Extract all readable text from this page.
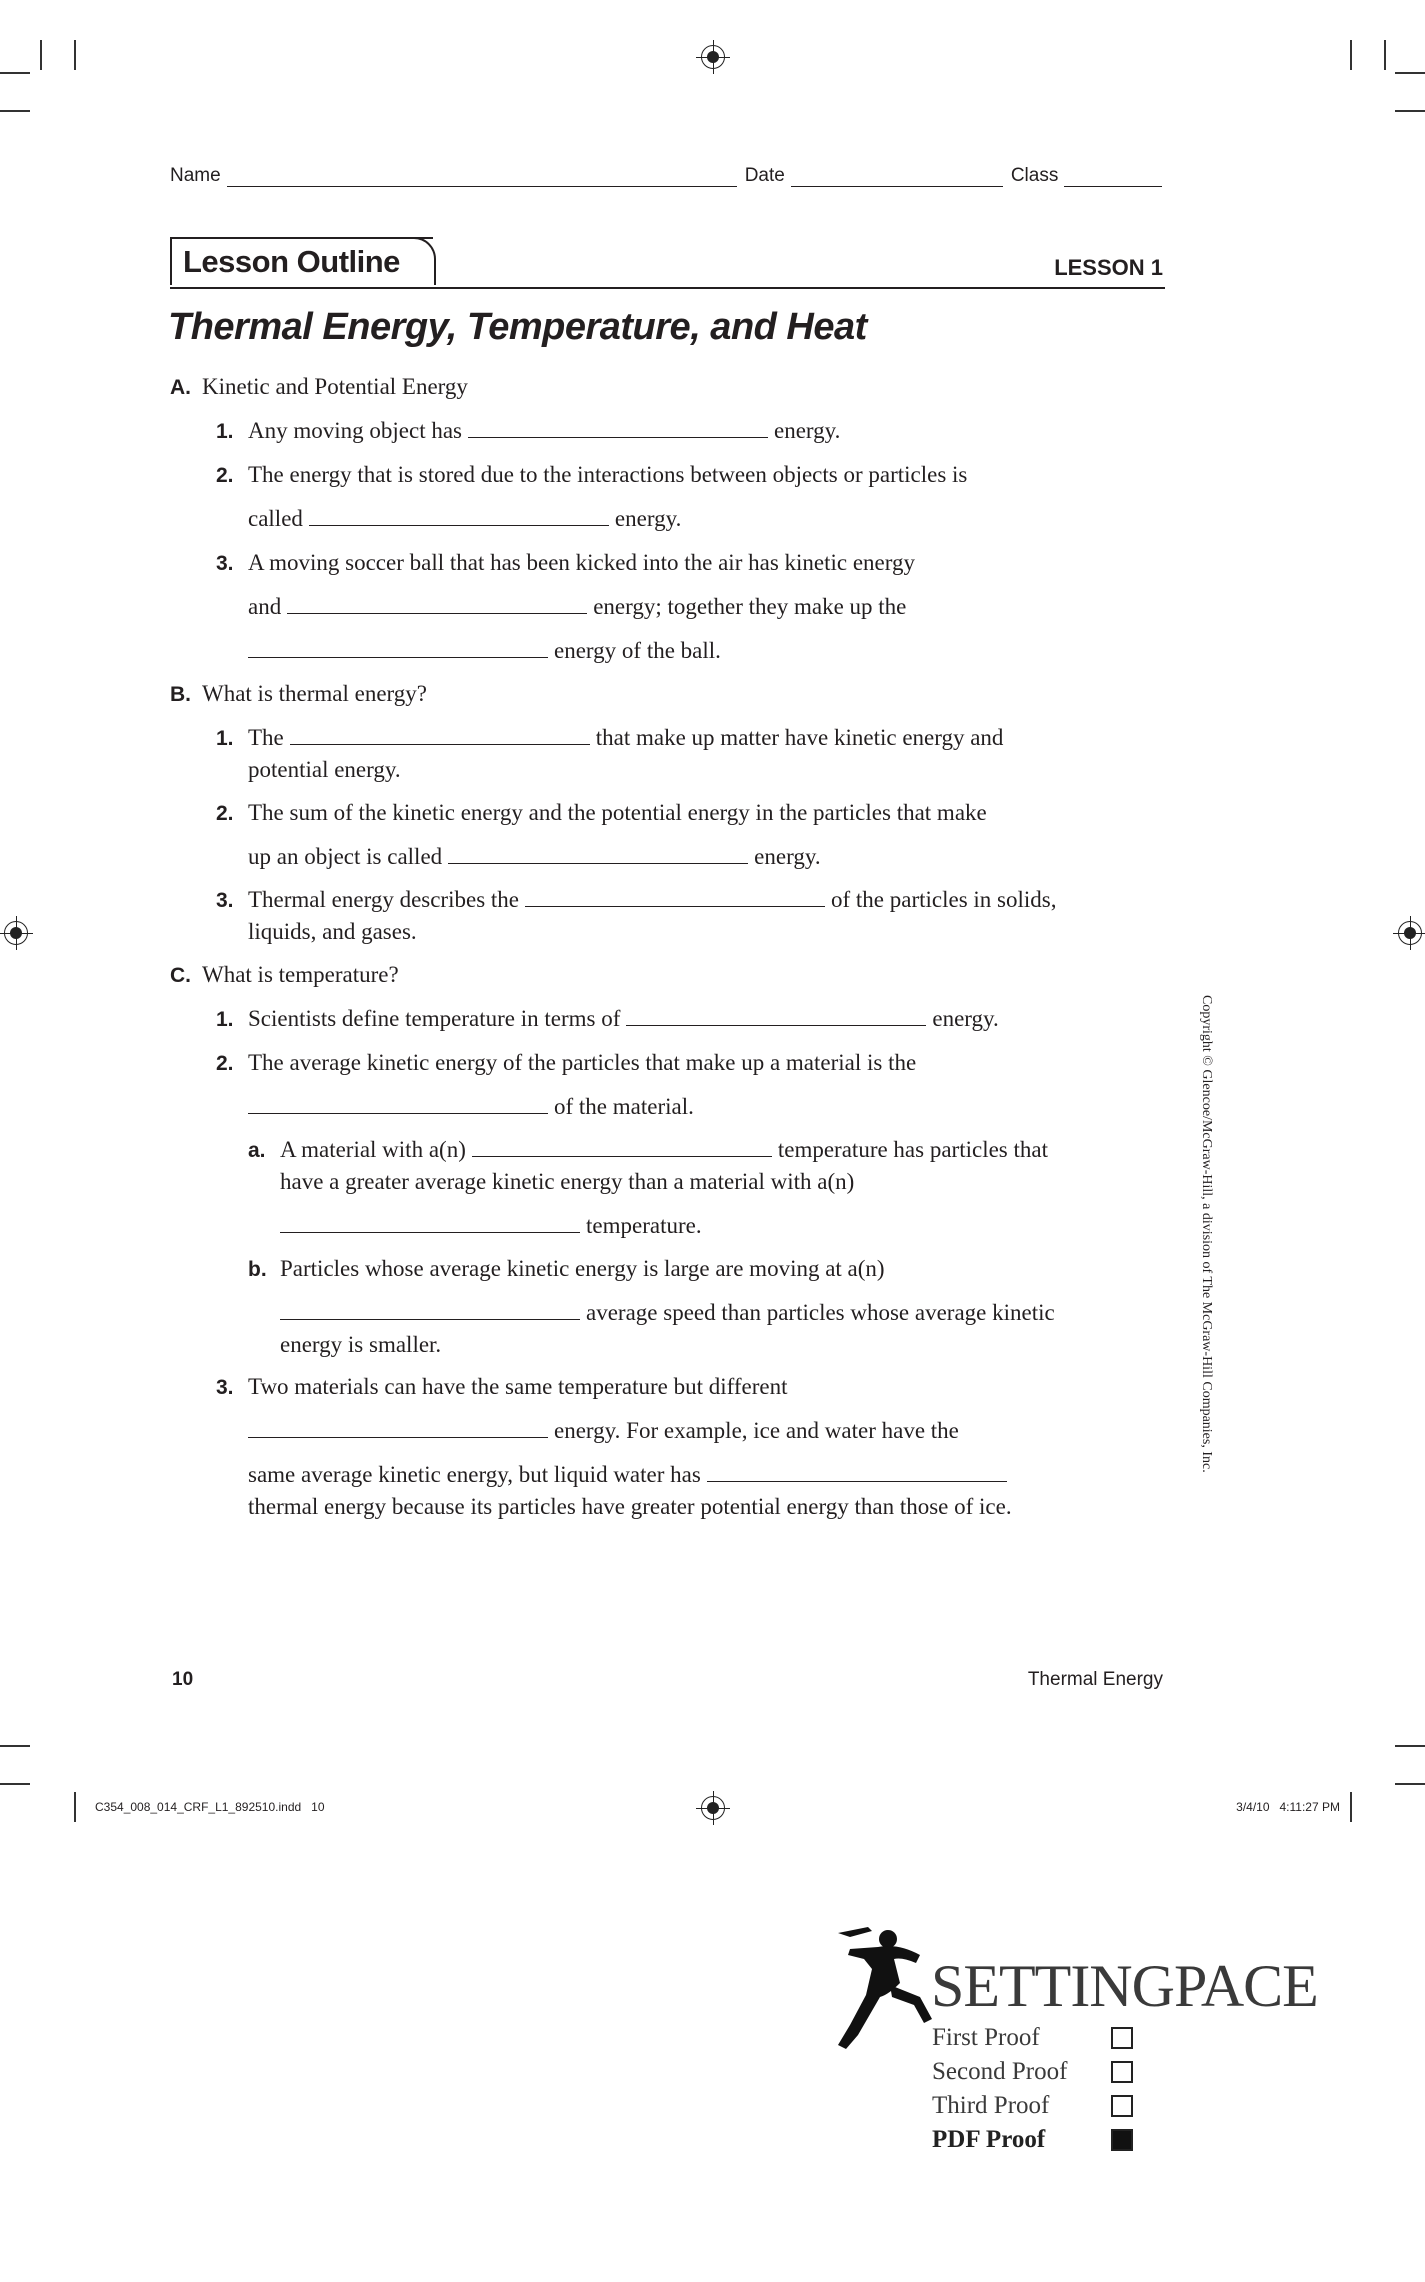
Name	Date	Class
Lesson Outline	LESSON 1
Thermal Energy, Temperature, and Heat
A. Kinetic and Potential Energy
1. Any moving object has	energy.
2. The energy that is stored due to the interactions between objects or particles is
called	energy.
3. A moving soccer ball that has been kicked into the air has kinetic energy
and	energy; together they make up the
energy of the ball.
B. What is thermal energy?
1. The	that make up matter have kinetic energy and
potential energy.
2. The sum of the kinetic energy and the potential energy in the particles that make
up an object is called	energy.
3. Thermal energy describes the	of the particles in solids,
liquids, and gases.
C. What is temperature?
1. Scientists define temperature in terms of	energy.
2. The average kinetic energy of the particles that make up a material is the
of the material.
a. A material with a(n)	temperature has particles that
have a greater average kinetic energy than a material with a(n)
temperature.
b. Particles whose average kinetic energy is large are moving at a(n)
average speed than particles whose average kinetic
energy is smaller.
3. Two materials can have the same temperature but different
energy. For example, ice and water have the
same average kinetic energy, but liquid water has
thermal energy because its particles have greater potential energy than those of ice.
Copyright © Glencoe/McGraw-Hill, a division of The McGraw-Hill Companies, Inc.
10	Thermal Energy
C354_008_014_CRF_L1_892510.indd   10	3/4/10   4:11:27 PM
SETTINGPACE
First Proof
Second Proof
Third Proof
PDF Proof
